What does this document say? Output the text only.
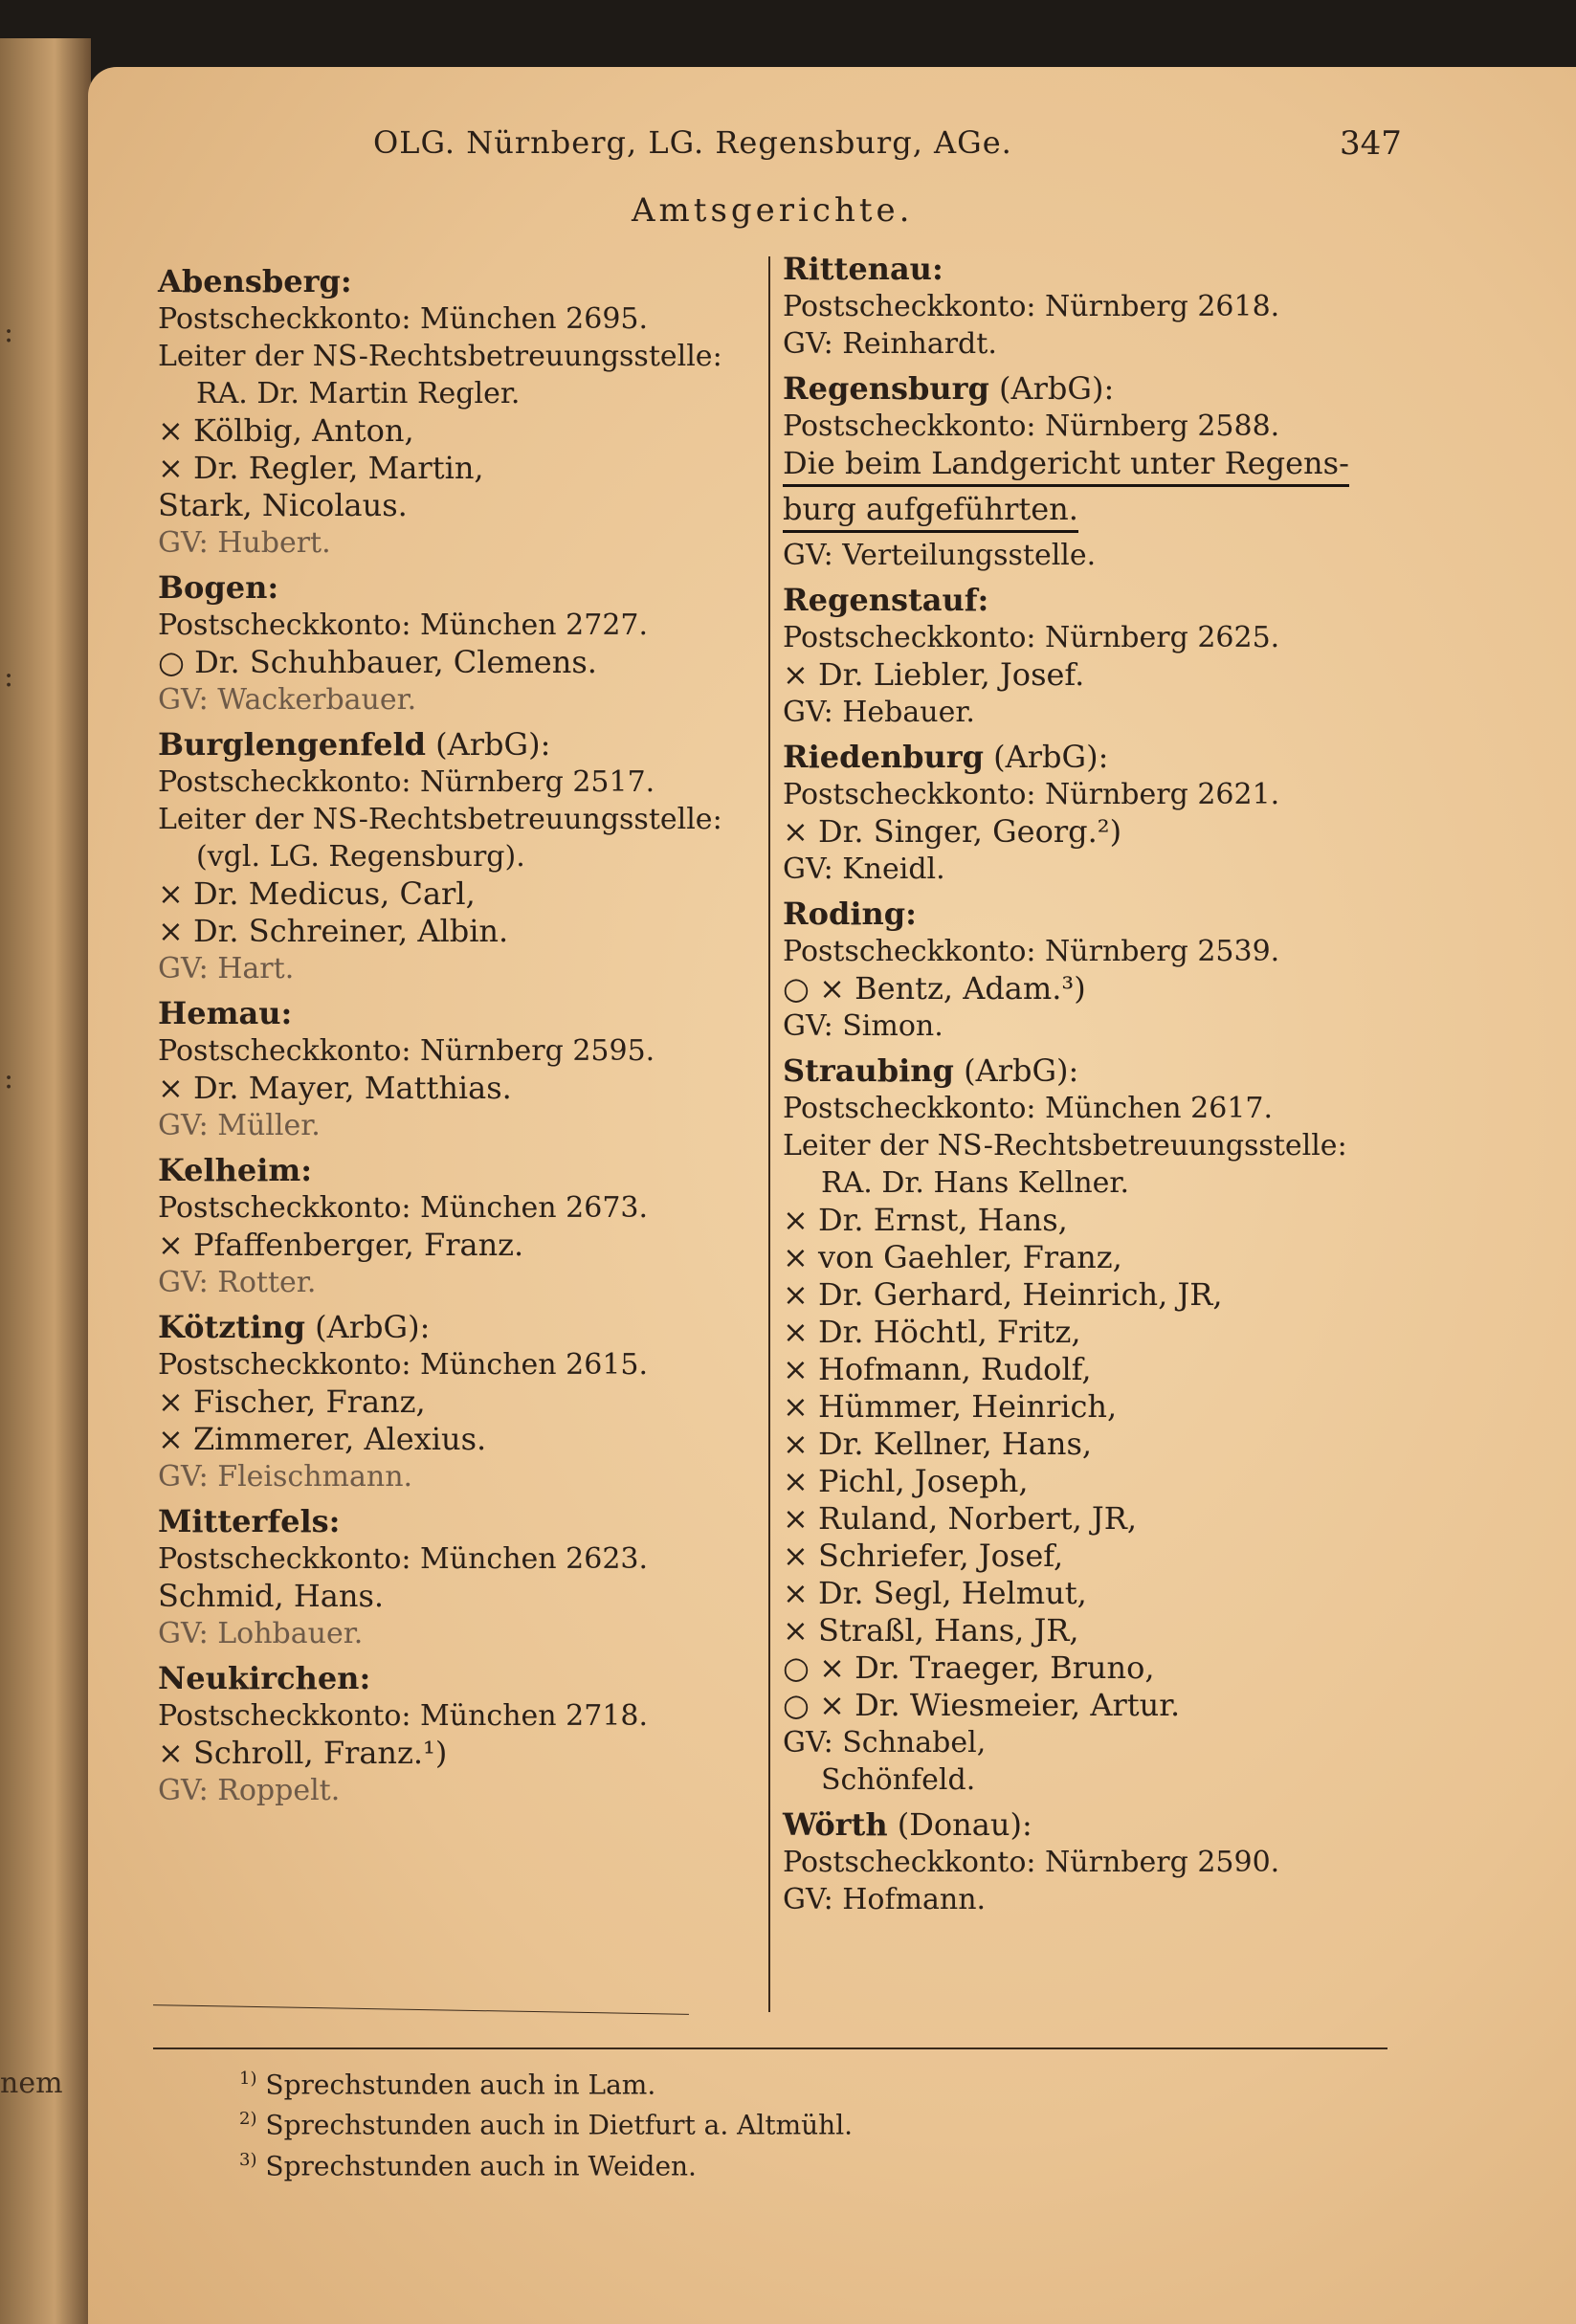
:
:
:
nem
OLG. Nürnberg, LG. Regensburg, AGe.	347
Amtsgerichte.
Abensberg:
Postscheckkonto: München 2695.
Leiter der NS-Rechtsbetreuungsstelle:
RA. Dr. Martin Regler.
× Kölbig, Anton,
× Dr. Regler, Martin,
Stark, Nicolaus.
GV: Hubert.
Bogen:
Postscheckkonto: München 2727.
○ Dr. Schuhbauer, Clemens.
GV: Wackerbauer.
Burglengenfeld (ArbG):
Postscheckkonto: Nürnberg 2517.
Leiter der NS-Rechtsbetreuungsstelle:
(vgl. LG. Regensburg).
× Dr. Medicus, Carl,
× Dr. Schreiner, Albin.
GV: Hart.
Hemau:
Postscheckkonto: Nürnberg 2595.
× Dr. Mayer, Matthias.
GV: Müller.
Kelheim:
Postscheckkonto: München 2673.
× Pfaffenberger, Franz.
GV: Rotter.
Kötzting (ArbG):
Postscheckkonto: München 2615.
× Fischer, Franz,
× Zimmerer, Alexius.
GV: Fleischmann.
Mitterfels:
Postscheckkonto: München 2623.
Schmid, Hans.
GV: Lohbauer.
Neukirchen:
Postscheckkonto: München 2718.
× Schroll, Franz.¹)
GV: Roppelt.
Rittenau:
Postscheckkonto: Nürnberg 2618.
GV: Reinhardt.
Regensburg (ArbG):
Postscheckkonto: Nürnberg 2588.
Die beim Landgericht unter Regens-
burg aufgeführten.
GV: Verteilungsstelle.
Regenstauf:
Postscheckkonto: Nürnberg 2625.
× Dr. Liebler, Josef.
GV: Hebauer.
Riedenburg (ArbG):
Postscheckkonto: Nürnberg 2621.
× Dr. Singer, Georg.²)
GV: Kneidl.
Roding:
Postscheckkonto: Nürnberg 2539.
○ × Bentz, Adam.³)
GV: Simon.
Straubing (ArbG):
Postscheckkonto: München 2617.
Leiter der NS-Rechtsbetreuungsstelle:
RA. Dr. Hans Kellner.
× Dr. Ernst, Hans,
× von Gaehler, Franz,
× Dr. Gerhard, Heinrich, JR,
× Dr. Höchtl, Fritz,
× Hofmann, Rudolf,
× Hümmer, Heinrich,
× Dr. Kellner, Hans,
× Pichl, Joseph,
× Ruland, Norbert, JR,
× Schriefer, Josef,
× Dr. Segl, Helmut,
× Straßl, Hans, JR,
○ × Dr. Traeger, Bruno,
○ × Dr. Wiesmeier, Artur.
GV: Schnabel,
Schönfeld.
Wörth (Donau):
Postscheckkonto: Nürnberg 2590.
GV: Hofmann.
$^{1)}$ Sprechstunden auch in Lam.
$^{2)}$ Sprechstunden auch in Dietfurt a. Altmühl.
$^{3)}$ Sprechstunden auch in Weiden.
